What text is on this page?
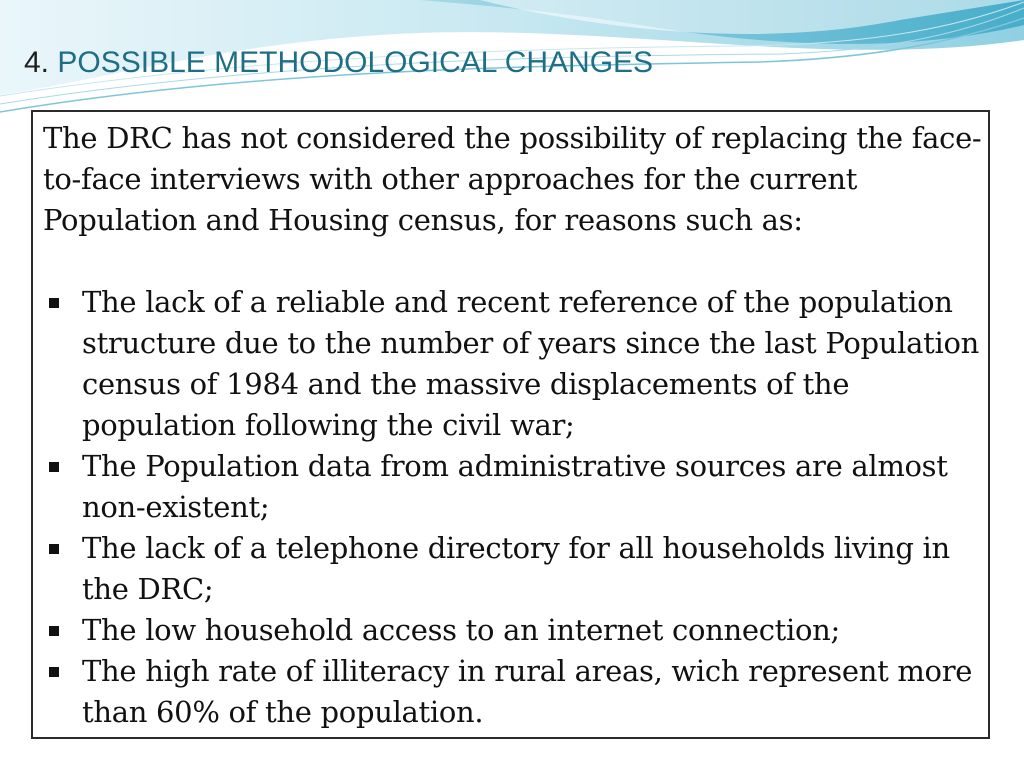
4. POSSIBLE METHODOLOGICAL CHANGES

The DRC has not considered the possibility of replacing the face-to-face interviews with other approaches for the current Population and Housing census, for reasons such as:

The lack of a reliable and recent reference of the population structure due to the number of years since the last Population census of 1984 and the massive displacements of the population following the civil war;
The Population data from administrative sources are almost non-existent;
The lack of a telephone directory for all households living in the DRC;
The low household access to an internet connection;
The high rate of illiteracy in rural areas, wich represent more than 60% of the population.
